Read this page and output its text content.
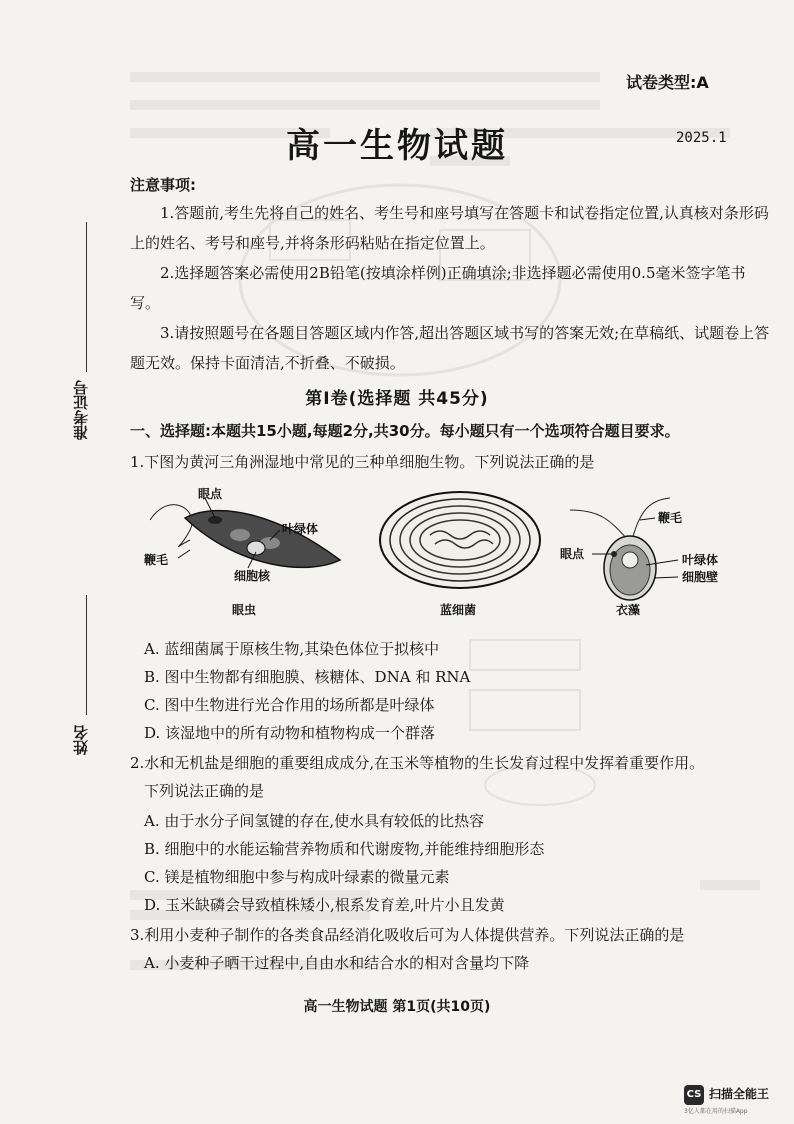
试卷类型:A
高一生物试题	2025.1
注意事项:
1.答题前,考生先将自己的姓名、考生号和座号填写在答题卡和试卷指定位置,认真核对条形码上的姓名、考号和座号,并将条形码粘贴在指定位置上。
2.选择题答案必需使用2B铅笔(按填涂样例)正确填涂;非选择题必需使用0.5毫米签字笔书写。
3.请按照题号在各题目答题区域内作答,超出答题区域书写的答案无效;在草稿纸、试题卷上答题无效。保持卡面清洁,不折叠、不破损。
准考证号
姓名
第Ⅰ卷(选择题 共45分)
一、选择题:本题共15小题,每题2分,共30分。每小题只有一个选项符合题目要求。
1.下图为黄河三角洲湿地中常见的三种单细胞生物。下列说法正确的是
眼点
叶绿体
鞭毛
细胞核
眼虫	蓝细菌
鞭毛
眼点	叶绿体
细胞壁
衣藻
A. 蓝细菌属于原核生物,其染色体位于拟核中
B. 图中生物都有细胞膜、核糖体、DNA 和 RNA
C. 图中生物进行光合作用的场所都是叶绿体
D. 该湿地中的所有动物和植物构成一个群落
2.水和无机盐是细胞的重要组成成分,在玉米等植物的生长发育过程中发挥着重要作用。
下列说法正确的是
A. 由于水分子间氢键的存在,使水具有较低的比热容
B. 细胞中的水能运输营养物质和代谢废物,并能维持细胞形态
C. 镁是植物细胞中参与构成叶绿素的微量元素
D. 玉米缺磷会导致植株矮小,根系发育差,叶片小且发黄
3.利用小麦种子制作的各类食品经消化吸收后可为人体提供营养。下列说法正确的是
A. 小麦种子晒干过程中,自由水和结合水的相对含量均下降
高一生物试题 第1页(共10页)
CS 扫描全能王
3亿人都在用的扫描App
